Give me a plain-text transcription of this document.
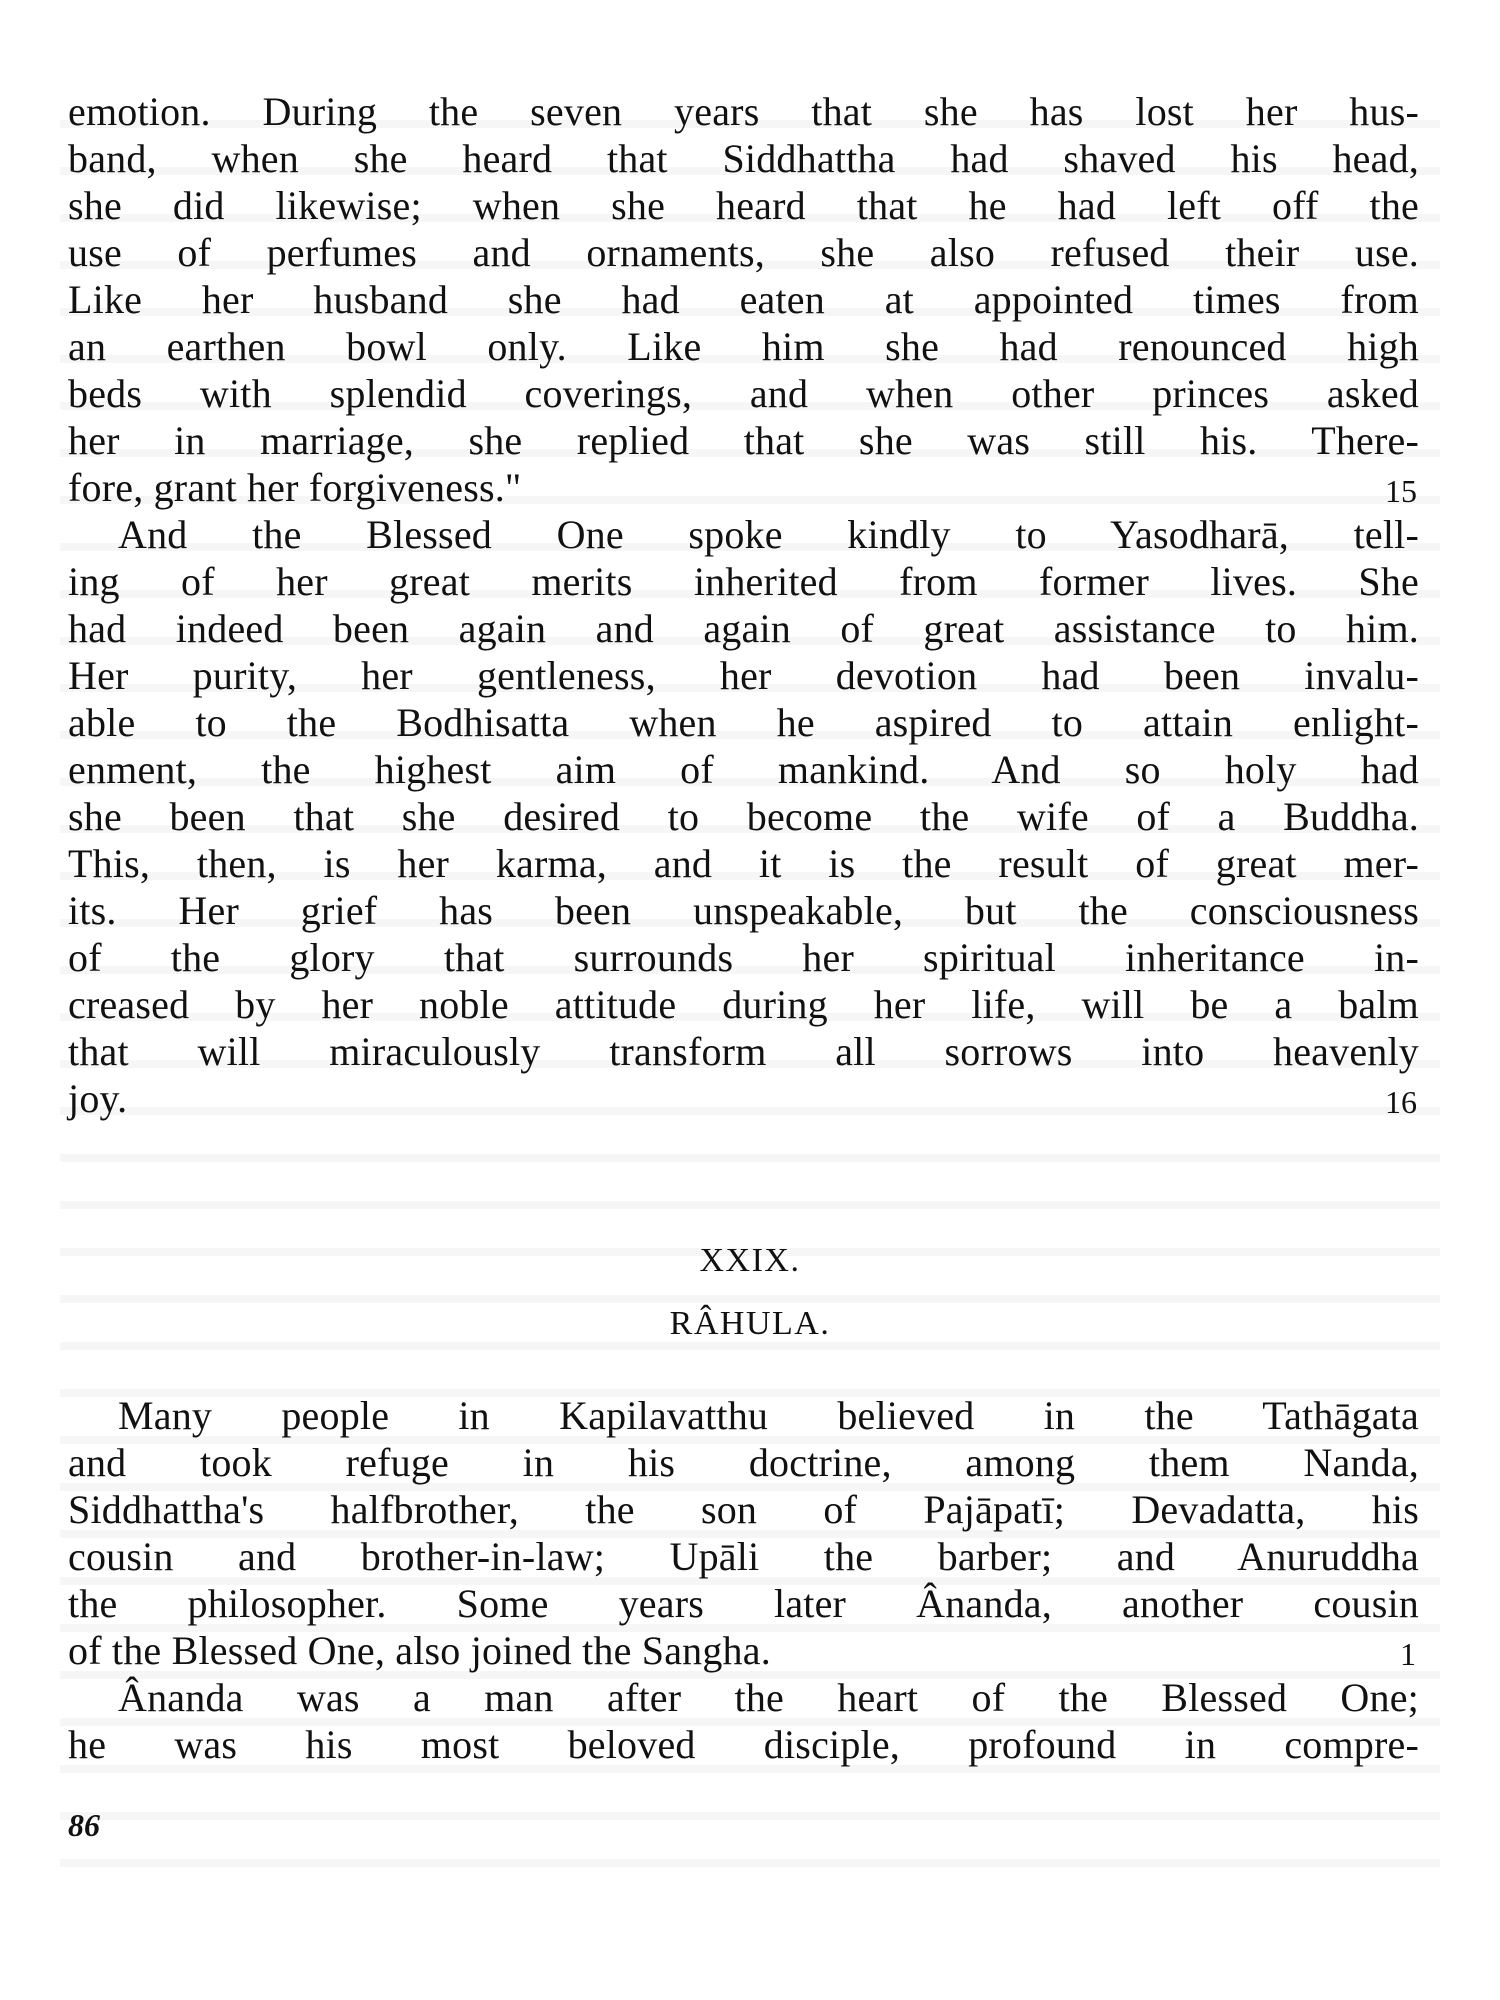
emotion. During the seven years that she has lost her hus-
band, when she heard that Siddhattha had shaved his head,
she did likewise; when she heard that he had left off the
use of perfumes and ornaments, she also refused their use.
Like her husband she had eaten at appointed times from
an earthen bowl only. Like him she had renounced high
beds with splendid coverings, and when other princes asked
her in marriage, she replied that she was still his. There-
fore, grant her forgiveness."	15
And the Blessed One spoke kindly to Yasodharā, tell-
ing of her great merits inherited from former lives. She
had indeed been again and again of great assistance to him.
Her purity, her gentleness, her devotion had been invalu-
able to the Bodhisatta when he aspired to attain enlight-
enment, the highest aim of mankind. And so holy had
she been that she desired to become the wife of a Buddha.
This, then, is her karma, and it is the result of great mer-
its. Her grief has been unspeakable, but the consciousness
of the glory that surrounds her spiritual inheritance in-
creased by her noble attitude during her life, will be a balm
that will miraculously transform all sorrows into heavenly
joy.	16
XXIX.
RÂHULA.
Many people in Kapilavatthu believed in the Tathāgata
and took refuge in his doctrine, among them Nanda,
Siddhattha's halfbrother, the son of Pajāpatī; Devadatta, his
cousin and brother-in-law; Upāli the barber; and Anuruddha
the philosopher. Some years later Ânanda, another cousin
of the Blessed One, also joined the Sangha.	1
Ânanda was a man after the heart of the Blessed One;
he was his most beloved disciple, profound in compre-
86
